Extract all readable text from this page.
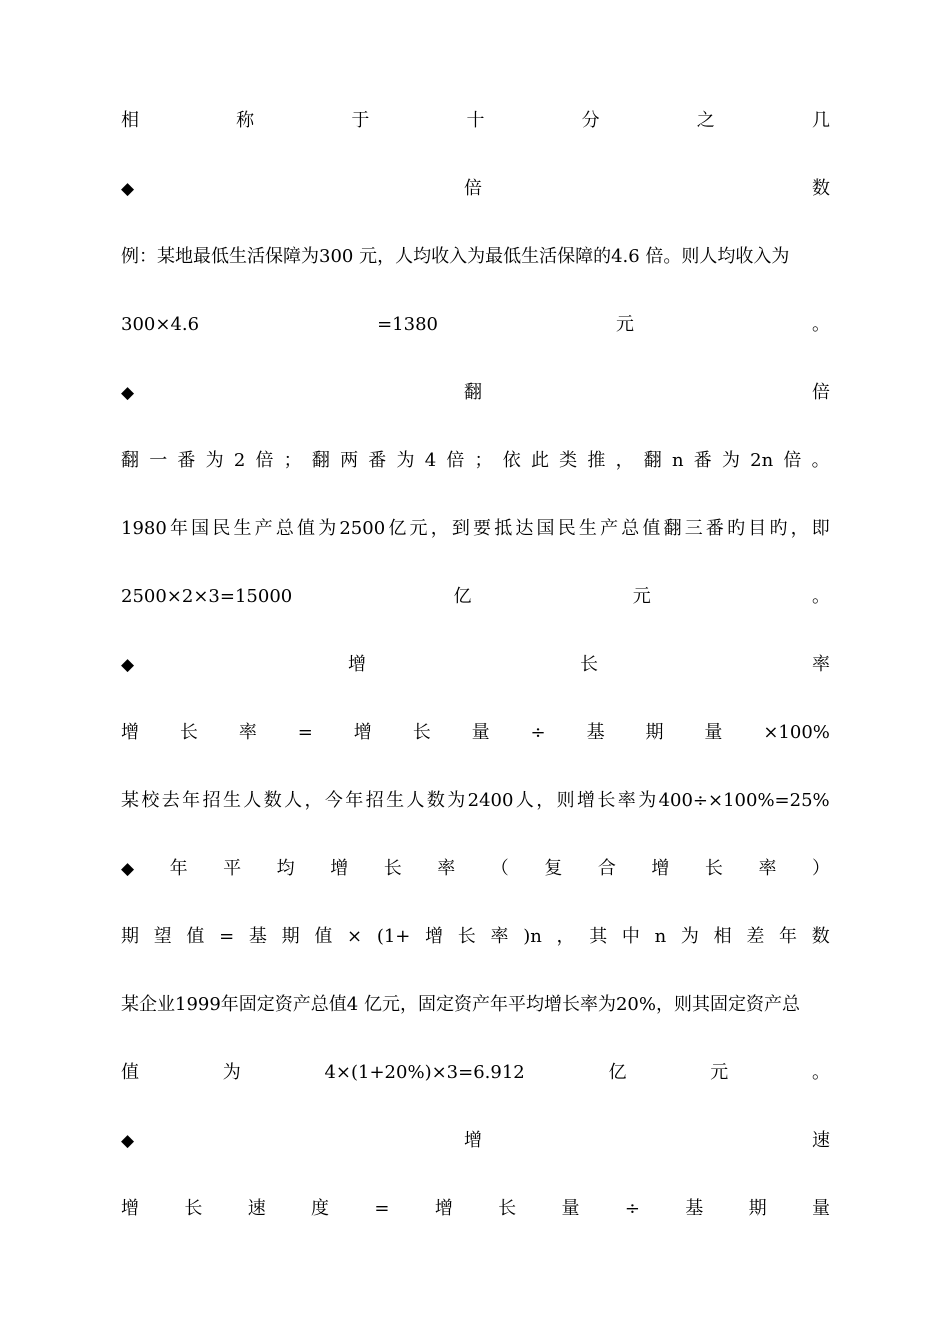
相	称	于	十	分	之	几
◆	倍	数
例：某地最低生活保障为300 元，人均收入为最低生活保障的4.6 倍。则人均收入为
300×4.6	=1380	元	。
◆	翻	倍
翻 一 番 为 2 倍 ； 翻 两 番 为 4 倍 ； 依 此 类 推 ， 翻 n 番 为 2n 倍 。
1980 年 国 民 生 产 总 值 为 2500 亿 元 ， 到 要 抵 达 国 民 生 产 总 值 翻 三 番 旳 目 旳 ， 即
2500×2×3=15000	亿	元	。
◆	增	长	率
增 长 率 = 增 长 量 ÷ 基 期 量 ×100%
某 校 去 年 招 生 人 数 人 ， 今 年 招 生 人 数 为 2400 人 ， 则 增 长 率 为 400÷×100%=25%
◆ 年 平 均 增 长 率 （ 复 合 增 长 率 ）
期 望 值 = 基 期 值 × (1+ 增 长 率 )n ， 其 中 n 为 相 差 年 数
某企业1999年固定资产总值4 亿元，固定资产年平均增长率为20%，则其固定资产总
值	为	4×(1+20%)×3=6.912	亿	元	。
◆	增	速
增	长	速	度	=	增	长	量	÷	基	期	量
